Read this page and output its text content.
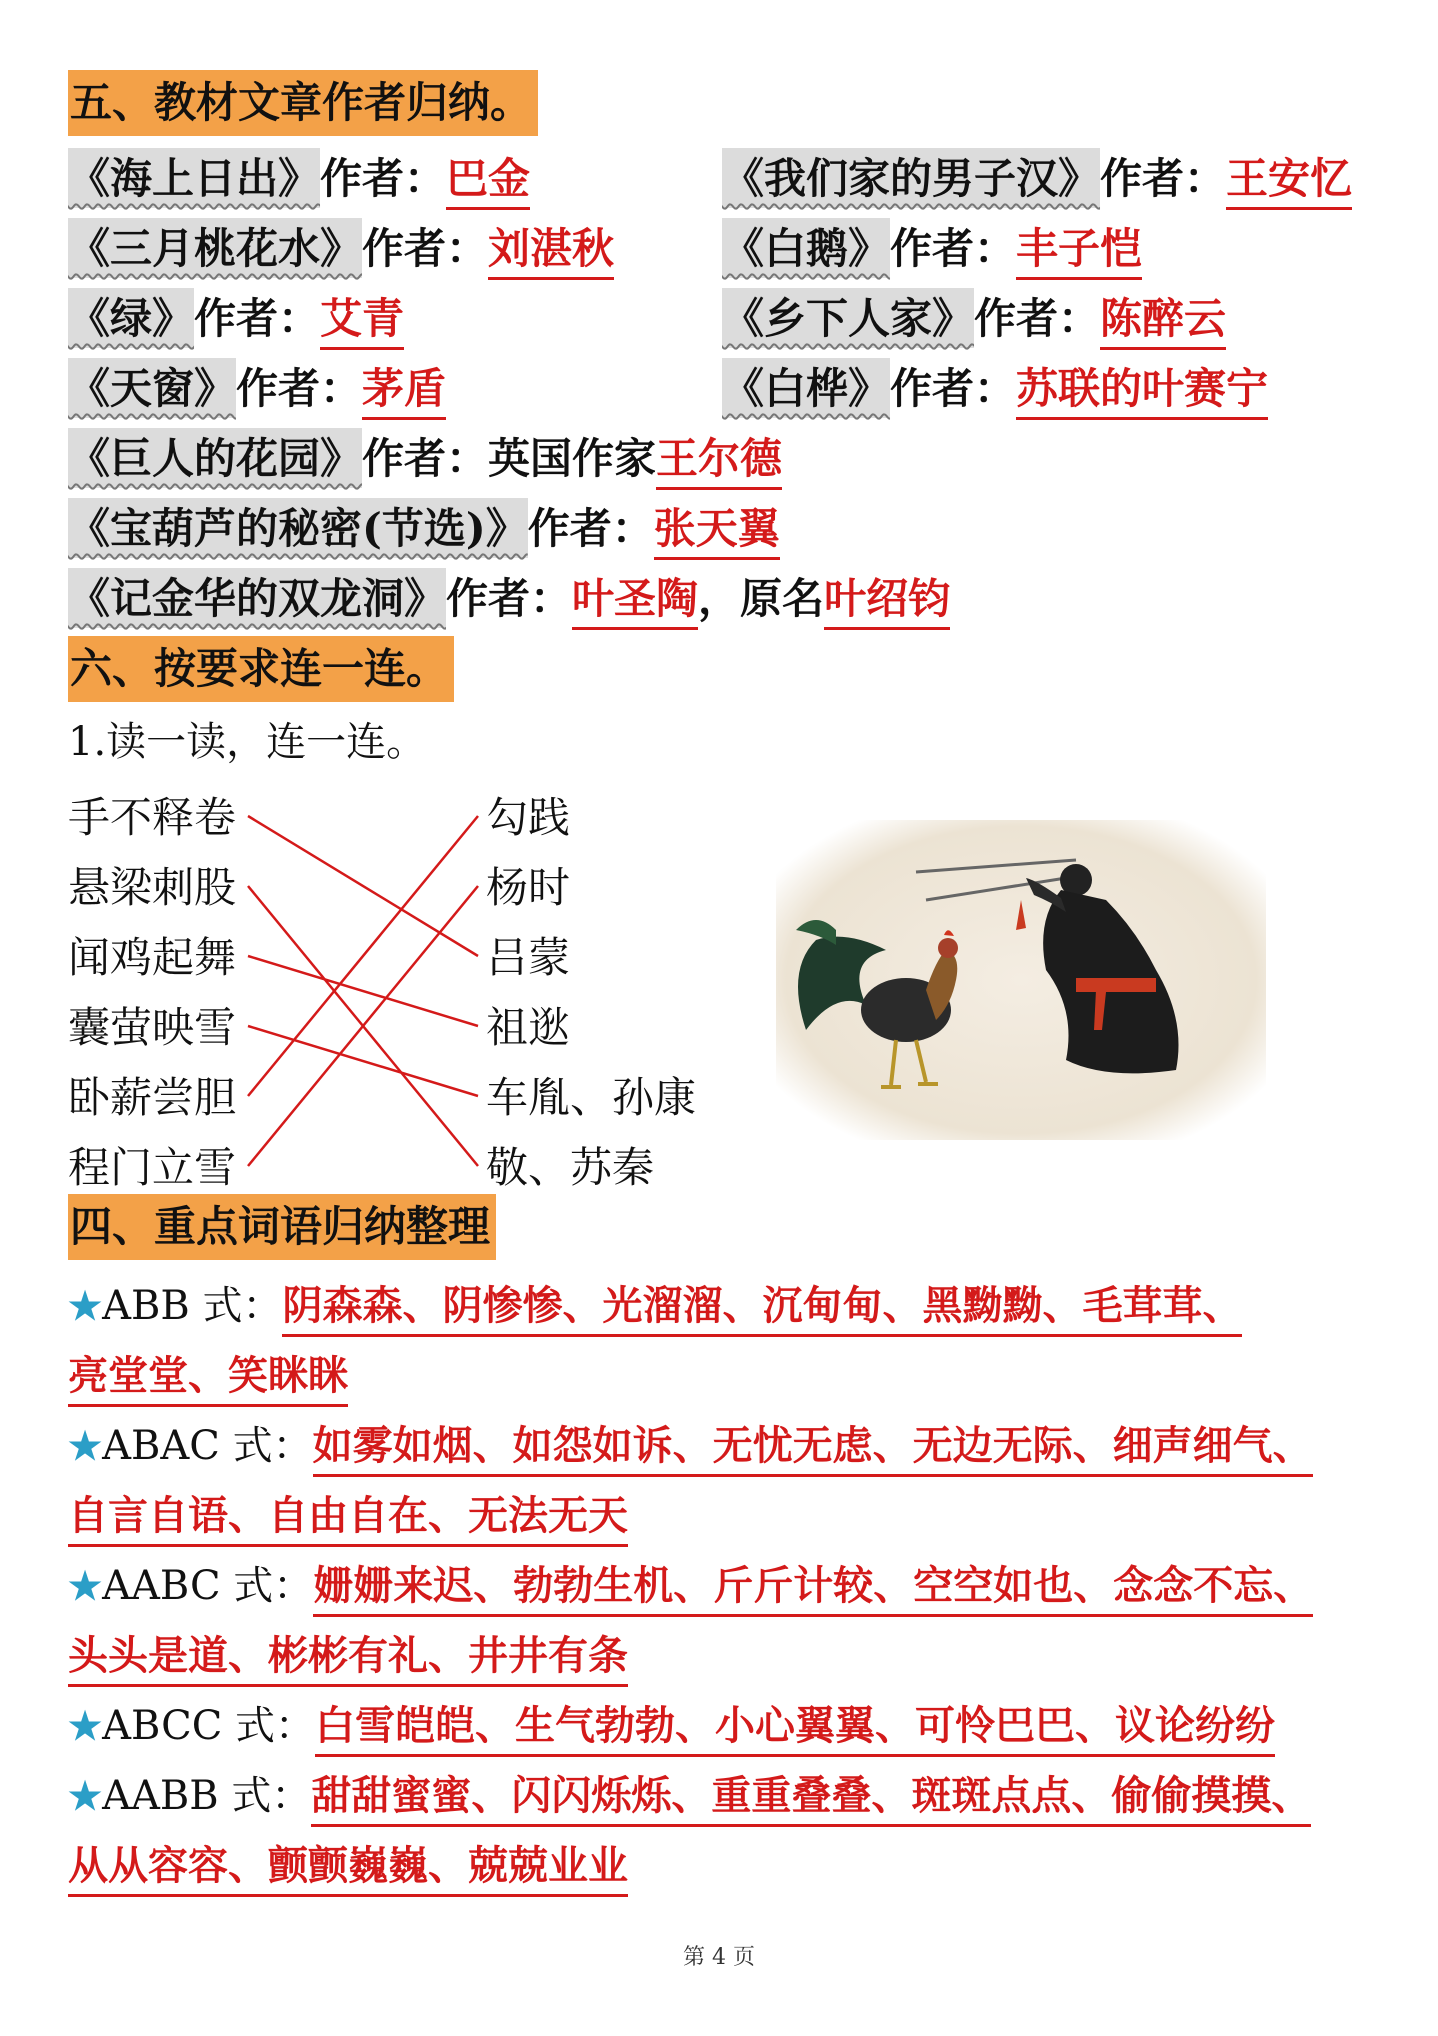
五、教材文章作者归纳。
《海上日出》作者：巴金
《三月桃花水》作者：刘湛秋
《绿》作者：艾青
《天窗》作者：茅盾
《我们家的男子汉》作者：王安忆
《白鹅》作者：丰子恺
《乡下人家》作者：陈醉云
《白桦》作者：苏联的叶赛宁
《巨人的花园》作者：英国作家王尔德
《宝葫芦的秘密(节选)》作者：张天翼
《记金华的双龙洞》作者：叶圣陶，原名叶绍钧
六、按要求连一连。
1.读一读，连一连。
手不释卷
悬梁刺股
闻鸡起舞
囊萤映雪
卧薪尝胆
程门立雪
勾践
杨时
吕蒙
祖逖
车胤、孙康
敬、苏秦
四、重点词语归纳整理
★ABB 式：阴森森、阴惨惨、光溜溜、沉甸甸、黑黝黝、毛茸茸、
亮堂堂、笑眯眯
★ABAC 式：如雾如烟、如怨如诉、无忧无虑、无边无际、细声细气、
自言自语、自由自在、无法无天
★AABC 式：姗姗来迟、勃勃生机、斤斤计较、空空如也、念念不忘、
头头是道、彬彬有礼、井井有条
★ABCC 式：白雪皑皑、生气勃勃、小心翼翼、可怜巴巴、议论纷纷
★AABB 式：甜甜蜜蜜、闪闪烁烁、重重叠叠、斑斑点点、偷偷摸摸、
从从容容、颤颤巍巍、兢兢业业
第 4 页
